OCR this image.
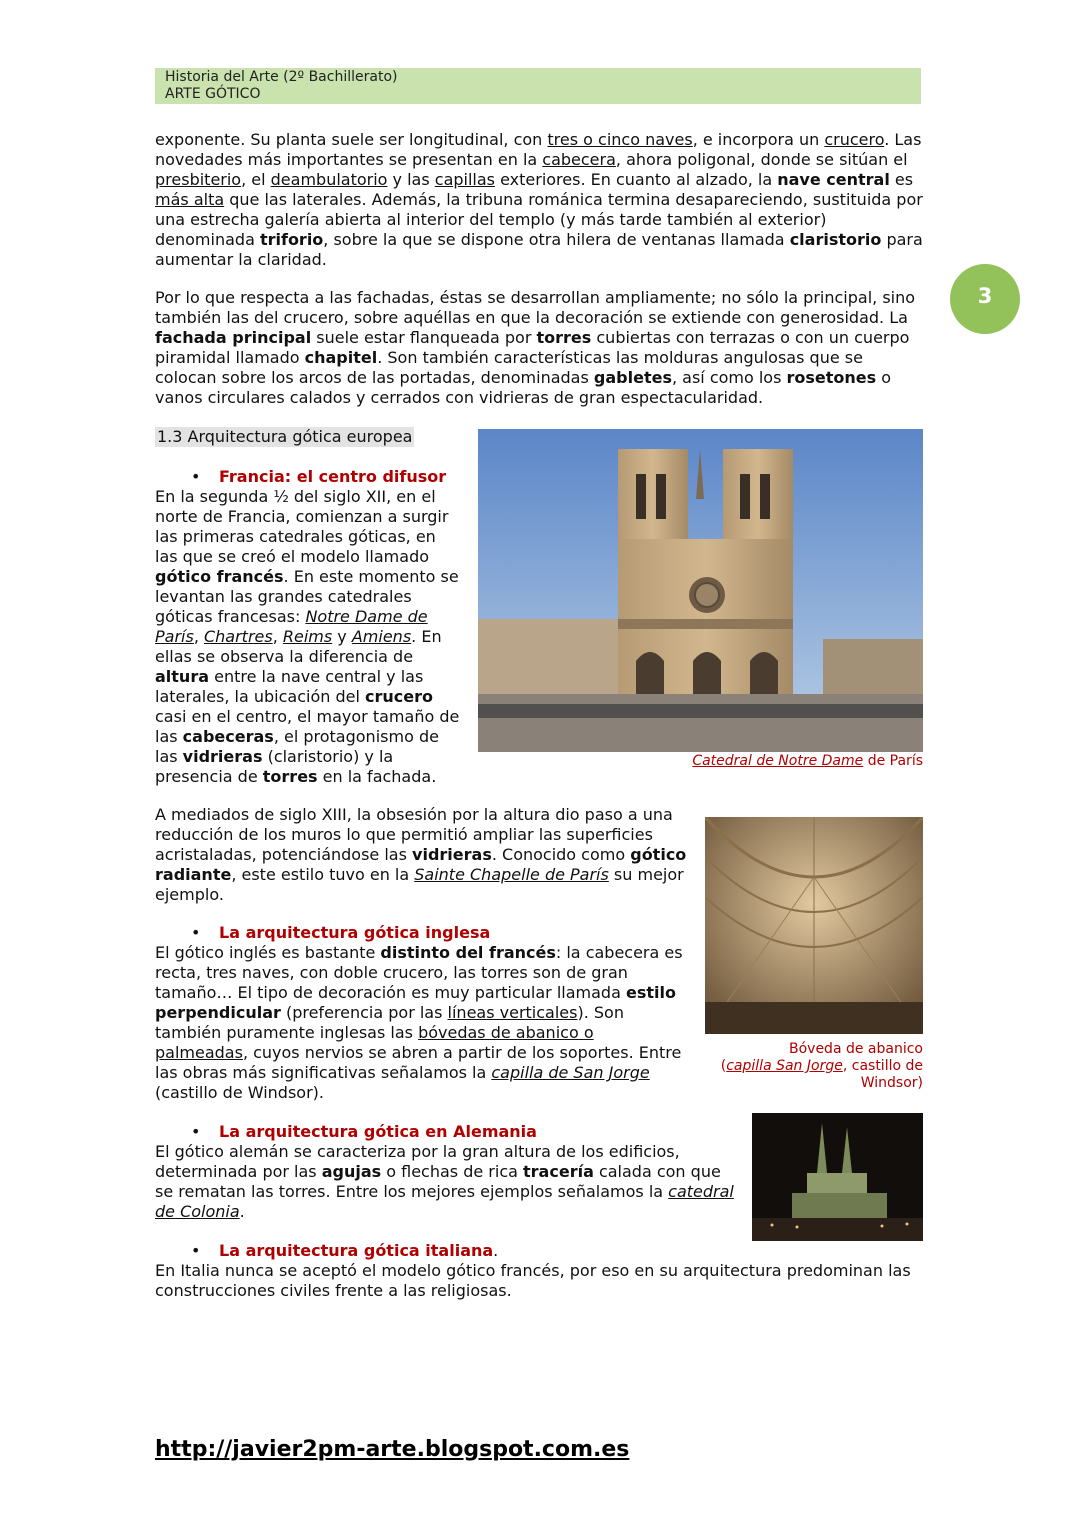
Historia del Arte (2º Bachillerato)
ARTE GÓTICO
3

exponente. Su planta suele ser longitudinal, con tres o cinco naves, e incorpora un crucero. Las novedades más importantes se presentan en la cabecera, ahora poligonal, donde se sitúan el presbiterio, el deambulatorio y las capillas exteriores. En cuanto al alzado, la nave central es más alta que las laterales. Además, la tribuna románica termina desapareciendo, sustituida por una estrecha galería abierta al interior del templo (y más tarde también al exterior) denominada triforio, sobre la que se dispone otra hilera de ventanas llamada claristorio para aumentar la claridad.

Por lo que respecta a las fachadas, éstas se desarrollan ampliamente; no sólo la principal, sino también las del crucero, sobre aquéllas en que la decoración se extiende con generosidad. La fachada principal suele estar flanqueada por torres cubiertas con terrazas o con un cuerpo piramidal llamado chapitel. Son también características las molduras angulosas que se colocan sobre los arcos de las portadas, denominadas gabletes, así como los rosetones o vanos circulares calados y cerrados con vidrieras de gran espectacularidad.

1.3 Arquitectura gótica europea

• Francia: el centro difusor

En la segunda ½ del siglo XII, en el norte de Francia, comienzan a surgir las primeras catedrales góticas, en las que se creó el modelo llamado gótico francés. En este momento se levantan las grandes catedrales góticas francesas: Notre Dame de París, Chartres, Reims y Amiens. En ellas se observa la diferencia de altura entre la nave central y las laterales, la ubicación del crucero casi en el centro, el mayor tamaño de las cabeceras, el protagonismo de las vidrieras (claristorio) y la presencia de torres en la fachada.

Catedral de Notre Dame de París

A mediados de siglo XIII, la obsesión por la altura dio paso a una reducción de los muros lo que permitió ampliar las superficies acristaladas, potenciándose las vidrieras. Conocido como gótico radiante, este estilo tuvo en la Sainte Chapelle de París su mejor ejemplo.

Bóveda de abanico
(capilla San Jorge, castillo de Windsor)

• La arquitectura gótica inglesa

El gótico inglés es bastante distinto del francés: la cabecera es recta, tres naves, con doble crucero, las torres son de gran tamaño… El tipo de decoración es muy particular llamada estilo perpendicular (preferencia por las líneas verticales). Son también puramente inglesas las bóvedas de abanico o palmeadas, cuyos nervios se abren a partir de los soportes. Entre las obras más significativas señalamos la capilla de San Jorge (castillo de Windsor).

• La arquitectura gótica en Alemania

El gótico alemán se caracteriza por la gran altura de los edificios, determinada por las agujas o flechas de rica tracería calada con que se rematan las torres. Entre los mejores ejemplos señalamos la catedral de Colonia.

• La arquitectura gótica italiana.

En Italia nunca se aceptó el modelo gótico francés, por eso en su arquitectura predominan las construcciones civiles frente a las religiosas.

http://javier2pm-arte.blogspot.com.es
